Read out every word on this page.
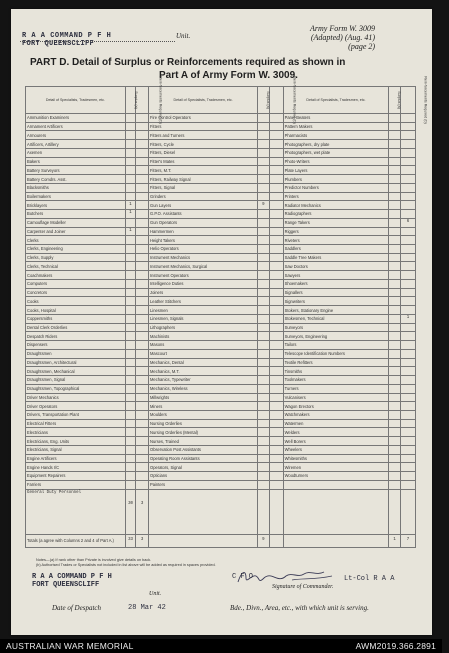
R A A COMMAND P F H
FORT QUEENSCLIFF
Unit.
Army Form W. 3009
(Adapted) (Aug. 41)
(page 2)
PART D. Detail of Surplus or Reinforcements required as shown in
Part A of Army Form W. 3009.
Detail of Specialists, Tradesmen, etc.	Surplus (a)	Rein-forcements Required (b)	Detail of Specialists, Tradesmen, etc.	Surplus (a)	Rein-forcements Required (b)	Detail of Specialists, Tradesmen, etc.	Surplus (a)	Rein-forcements Required (b)
Ammunition Examiners			Fire Control Operators			Panel Beaters		
Armament Artificers			Fitters			Pattern Makers		
Armourers			Fitters and Turners			Pharmacists		
Artificers, Artillery			Fitters, Cycle			Photographers, dry plate		
Axemen			Fitters, Diesel			Photographers, wet plate		
Bakers			Fitter's Mates			Photo-Writers		
Battery Surveyors			Fitters, M.T.			Plate Layers		
Battery Comdrs. Asst.			Fitters, Railway Signal			Plumbers		
Blacksmiths			Fitters, Signal			Predictor Numbers		
Boilermakers			Grinders			Printers		
Bricklayers	1		Gun Layers	9		Radiator Mechanics		
Butchers	1		G.P.O. Assistants			Radiographers		
Camouflage Modeller			Gun Operators			Range Takers		6
Carpenter and Joiner	1		Hammermen			Riggers		
Clerks			Height Takers			Riveters		
Clerks, Engineering			Helio Operators			Saddlers		
Clerks, Supply			Instrument Mechanics			Saddle Tree Makers		
Clerks, Technical			Instrument Mechanics, Surgical			Saw Doctors		
Coachmakers			Instrument Operators			Sawyers		
Computers			Intelligence Duties			Shoemakers		
Concretors			Joiners			Signallers		
Cooks			Leather Stitchers			Signwriters		
Cooks, Hospital			Linesmen			Stokers, Stationary Engine		
Coppersmiths			Linesmen, Signals			Stokesmen, Technical		1
Dental Clerk Orderlies			Lithographers			Surveyors		
Despatch Riders			Machinists			Surveyors, Engineering		
Dispensers			Masons			Tailors		
Draughtsmen			Mascourt			Telescope Identification Numbers		
Draughtsmen, Architectural			Mechanics, Dental			Textile Refitters		
Draughtsmen, Mechanical			Mechanics, M.T.			Tinsmiths		
Draughtsmen, Signal			Mechanics, Typewriter			Toolmakers		
Draughtsmen, Topographical			Mechanics, Wireless			Turners		
Driver Mechanics			Millwrights			Vulcanisers		
Driver Operators			Miners			Wagon Erectors		
Drivers, Transportation Plant			Moulders			Watchmakers		
Electrical Fitters			Nursing Orderlies			Watermen		
Electricians			Nursing Orderlies (Mental)			Welders		
Electricians, Eng. Units			Nurses, Trained			Well Borers		
Electricians, Signal			Observation Post Assistants			Wheelers		
Engine Artificers			Operating Room Assistants			Whitesmiths		
Engine Hands I/C			Operators, Signal			Wiremen		
Equipment Repairers			Opticians			Woodturners		
Farriers			Painters					
General Duty Personnel	30	3						
Totals (a agree with Columns 2 and 4 of Part A.)	33	3		9			1	7
Notes—(a) If rank other than Private is involved give details on back.
(b) Authorised Trades or Specialists not included in list above will be added as required in spaces provided.
R A A COMMAND P F H
FORT QUEENSCLIFF
Unit.
C F O
Signature of Commander.
Lt-Col R A A
Date of Despatch	28 Mar 42	Bde., Divn., Area, etc., with which unit is serving.
AUSTRALIAN WAR MEMORIAL	AWM2019.366.2891
